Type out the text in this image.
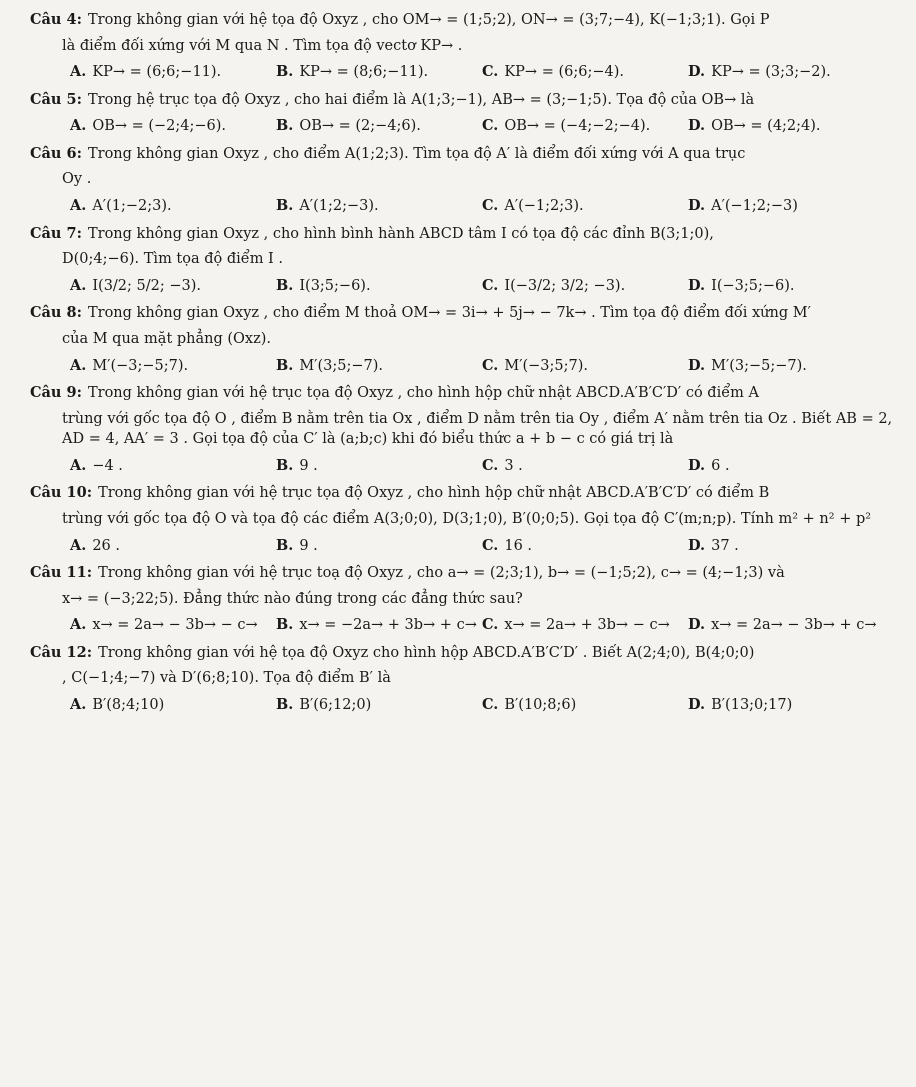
Câu 4: Trong không gian với hệ tọa độ Oxyz , cho OM→ = (1;5;2), ON→ = (3;7;−4), K(−1;3;1). Gọi P

là điểm đối xứng với M qua N . Tìm tọa độ vectơ KP→ .

A. KP→ = (6;6;−11).	B. KP→ = (8;6;−11).	C. KP→ = (6;6;−4).	D. KP→ = (3;3;−2).

Câu 5: Trong hệ trục tọa độ Oxyz , cho hai điểm là A(1;3;−1), AB→ = (3;−1;5). Tọa độ của OB→ là

A. OB→ = (−2;4;−6).	B. OB→ = (2;−4;6).	C. OB→ = (−4;−2;−4).	D. OB→ = (4;2;4).

Câu 6: Trong không gian Oxyz , cho điểm A(1;2;3). Tìm tọa độ A′ là điểm đối xứng với A qua trục

Oy .

A. A′(1;−2;3).	B. A′(1;2;−3).	C. A′(−1;2;3).	D. A′(−1;2;−3)

Câu 7: Trong không gian Oxyz , cho hình bình hành ABCD tâm I có tọa độ các đỉnh B(3;1;0),

D(0;4;−6). Tìm tọa độ điểm I .

A. I(3/2; 5/2; −3).	B. I(3;5;−6).	C. I(−3/2; 3/2; −3).	D. I(−3;5;−6).

Câu 8: Trong không gian Oxyz , cho điểm M thoả OM→ = 3i→ + 5j→ − 7k→ . Tìm tọa độ điểm đối xứng M′

của M qua mặt phẳng (Oxz).

A. M′(−3;−5;7).	B. M′(3;5;−7).	C. M′(−3;5;7).	D. M′(3;−5;−7).

Câu 9: Trong không gian với hệ trục tọa độ Oxyz , cho hình hộp chữ nhật ABCD.A′B′C′D′ có điểm A

trùng với gốc tọa độ O , điểm B nằm trên tia Ox , điểm D nằm trên tia Oy , điểm A′ nằm trên tia Oz . Biết AB = 2, AD = 4, AA′ = 3 . Gọi tọa độ của C′ là (a;b;c) khi đó biểu thức a + b − c có giá trị là

A. −4 .	B. 9 .	C. 3 .	D. 6 .

Câu 10: Trong không gian với hệ trục tọa độ Oxyz , cho hình hộp chữ nhật ABCD.A′B′C′D′ có điểm B

trùng với gốc tọa độ O và tọa độ các điểm A(3;0;0), D(3;1;0), B′(0;0;5). Gọi tọa độ C′(m;n;p). Tính m² + n² + p²

A. 26 .	B. 9 .	C. 16 .	D. 37 .

Câu 11: Trong không gian với hệ trục toạ độ Oxyz , cho a→ = (2;3;1), b→ = (−1;5;2), c→ = (4;−1;3) và

x→ = (−3;22;5). Đẳng thức nào đúng trong các đẳng thức sau?

A. x→ = 2a→ − 3b→ − c→	B. x→ = −2a→ + 3b→ + c→ C. x→ = 2a→ + 3b→ − c→	D. x→ = 2a→ − 3b→ + c→

Câu 12: Trong không gian với hệ tọa độ Oxyz cho hình hộp ABCD.A′B′C′D′ . Biết A(2;4;0), B(4;0;0)

, C(−1;4;−7) và D′(6;8;10). Tọa độ điểm B′ là

A. B′(8;4;10)	B. B′(6;12;0)	C. B′(10;8;6)	D. B′(13;0;17)
